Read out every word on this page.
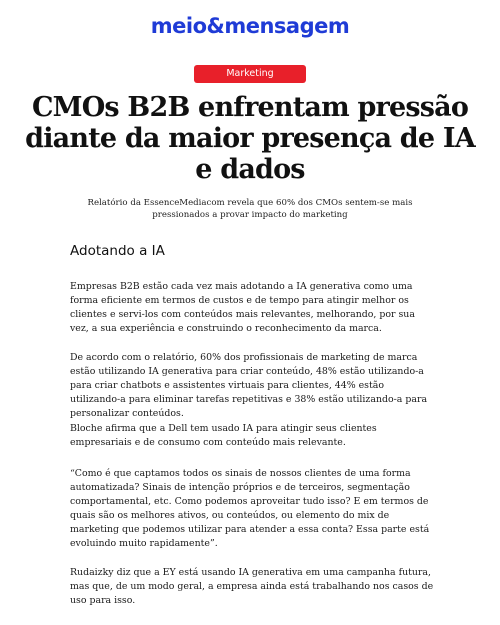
meio&mensagem
Marketing
CMOs B2B enfrentam pressão diante da maior presença de IA e dados

Relatório da EssenceMediacom revela que 60% dos CMOs sentem-se mais pressionados a provar impacto do marketing

Adotando a IA

Empresas B2B estão cada vez mais adotando a IA generativa como uma forma eficiente em termos de custos e de tempo para atingir melhor os clientes e servi-los com conteúdos mais relevantes, melhorando, por sua vez, a sua experiência e construindo o reconhecimento da marca.

De acordo com o relatório, 60% dos profissionais de marketing de marca estão utilizando IA generativa para criar conteúdo, 48% estão utilizando-a para criar chatbots e assistentes virtuais para clientes, 44% estão utilizando-a para eliminar tarefas repetitivas e 38% estão utilizando-a para personalizar conteúdos.

Bloche afirma que a Dell tem usado IA para atingir seus clientes empresariais e de consumo com conteúdo mais relevante.

“Como é que captamos todos os sinais de nossos clientes de uma forma automatizada? Sinais de intenção próprios e de terceiros, segmentação comportamental, etc. Como podemos aproveitar tudo isso? E em termos de quais são os melhores ativos, ou conteúdos, ou elemento do mix de marketing que podemos utilizar para atender a essa conta? Essa parte está evoluindo muito rapidamente”.

Rudaizky diz que a EY está usando IA generativa em uma campanha futura, mas que, de um modo geral, a empresa ainda está trabalhando nos casos de uso para isso.
